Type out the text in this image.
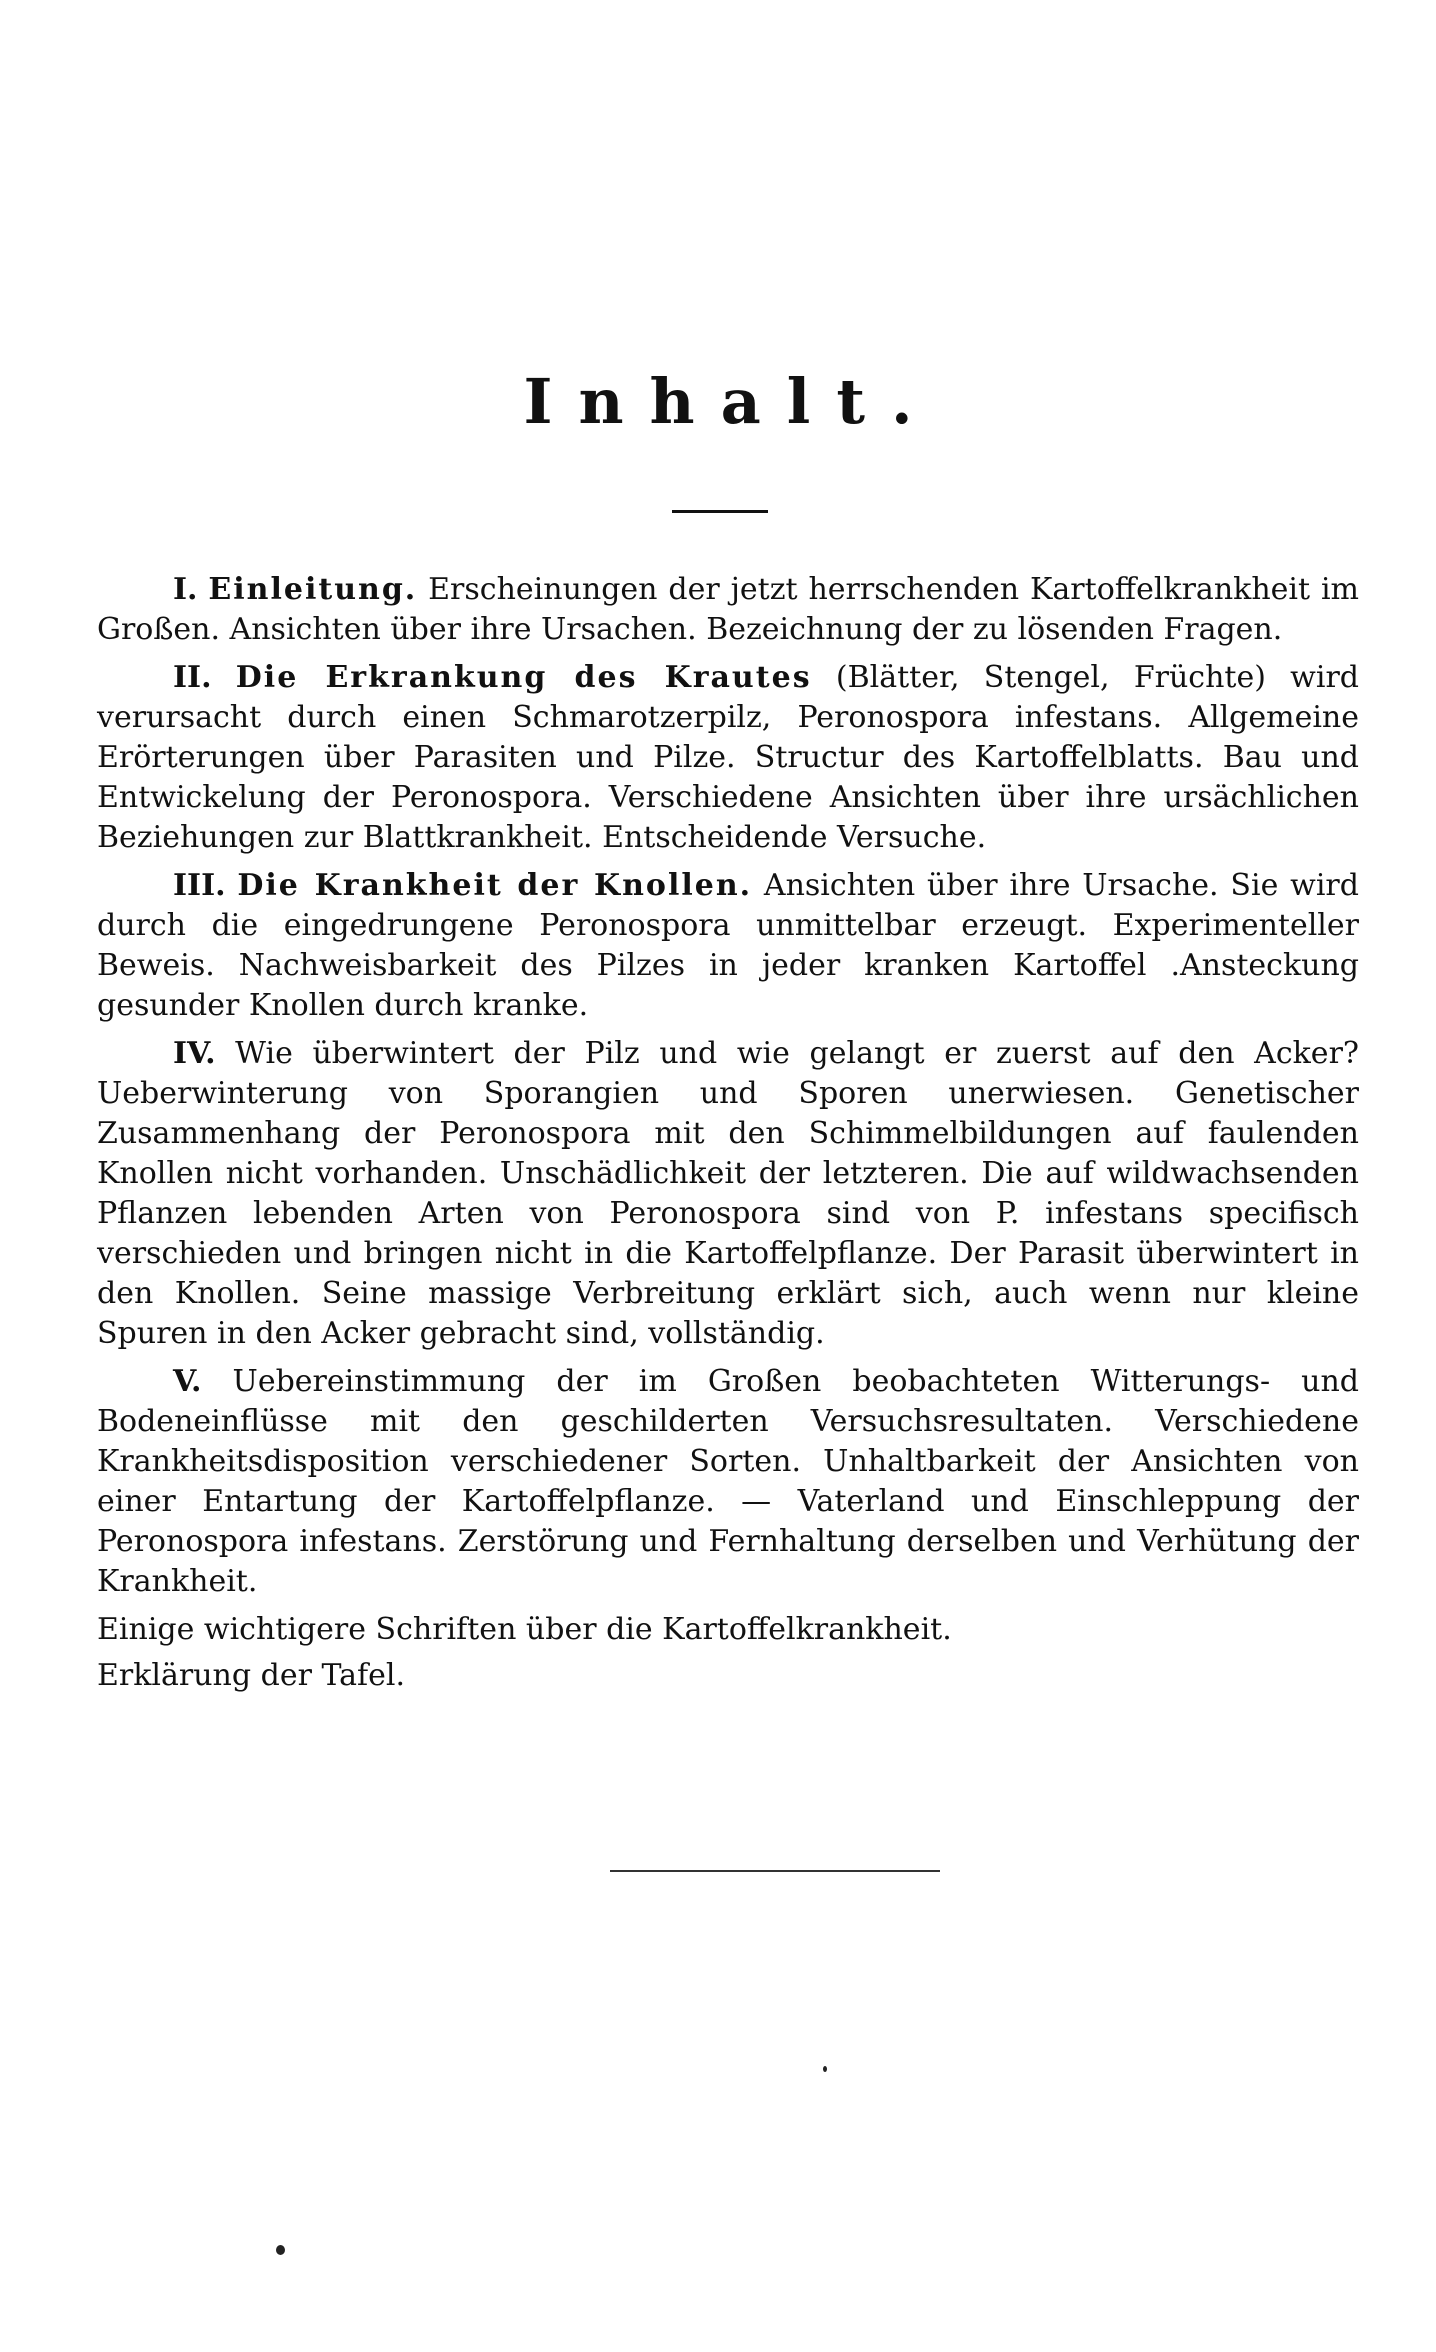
Inhalt.

I. Einleitung. Erscheinungen der jetzt herrschenden Kartoffelkrankheit im Großen. Ansichten über ihre Ursachen. Bezeichnung der zu lösenden Fragen.

II. Die Erkrankung des Krautes (Blätter, Stengel, Früchte) wird verursacht durch einen Schmarotzerpilz, Peronospora infestans. Allgemeine Erörterungen über Parasiten und Pilze. Structur des Kartoffelblatts. Bau und Entwickelung der Peronospora. Verschiedene Ansichten über ihre ursächlichen Beziehungen zur Blattkrankheit. Entscheidende Versuche.

III. Die Krankheit der Knollen. Ansichten über ihre Ursache. Sie wird durch die eingedrungene Peronospora unmittelbar erzeugt. Experimenteller Beweis. Nachweisbarkeit des Pilzes in jeder kranken Kartoffel .Ansteckung gesunder Knollen durch kranke.

IV. Wie überwintert der Pilz und wie gelangt er zuerst auf den Acker? Ueberwinterung von Sporangien und Sporen unerwiesen. Genetischer Zusammenhang der Peronospora mit den Schimmelbildungen auf faulenden Knollen nicht vorhanden. Unschädlichkeit der letzteren. Die auf wildwachsenden Pflanzen lebenden Arten von Peronospora sind von P. infestans specifisch verschieden und bringen nicht in die Kartoffelpflanze. Der Parasit überwintert in den Knollen. Seine massige Verbreitung erklärt sich, auch wenn nur kleine Spuren in den Acker gebracht sind, vollständig.

V. Uebereinstimmung der im Großen beobachteten Witterungs- und Bodeneinflüsse mit den geschilderten Versuchsresultaten. Verschiedene Krankheitsdisposition verschiedener Sorten. Unhaltbarkeit der Ansichten von einer Entartung der Kartoffelpflanze. — Vaterland und Einschleppung der Peronospora infestans. Zerstörung und Fernhaltung derselben und Verhütung der Krankheit.

Einige wichtigere Schriften über die Kartoffelkrankheit.

Erklärung der Tafel.
